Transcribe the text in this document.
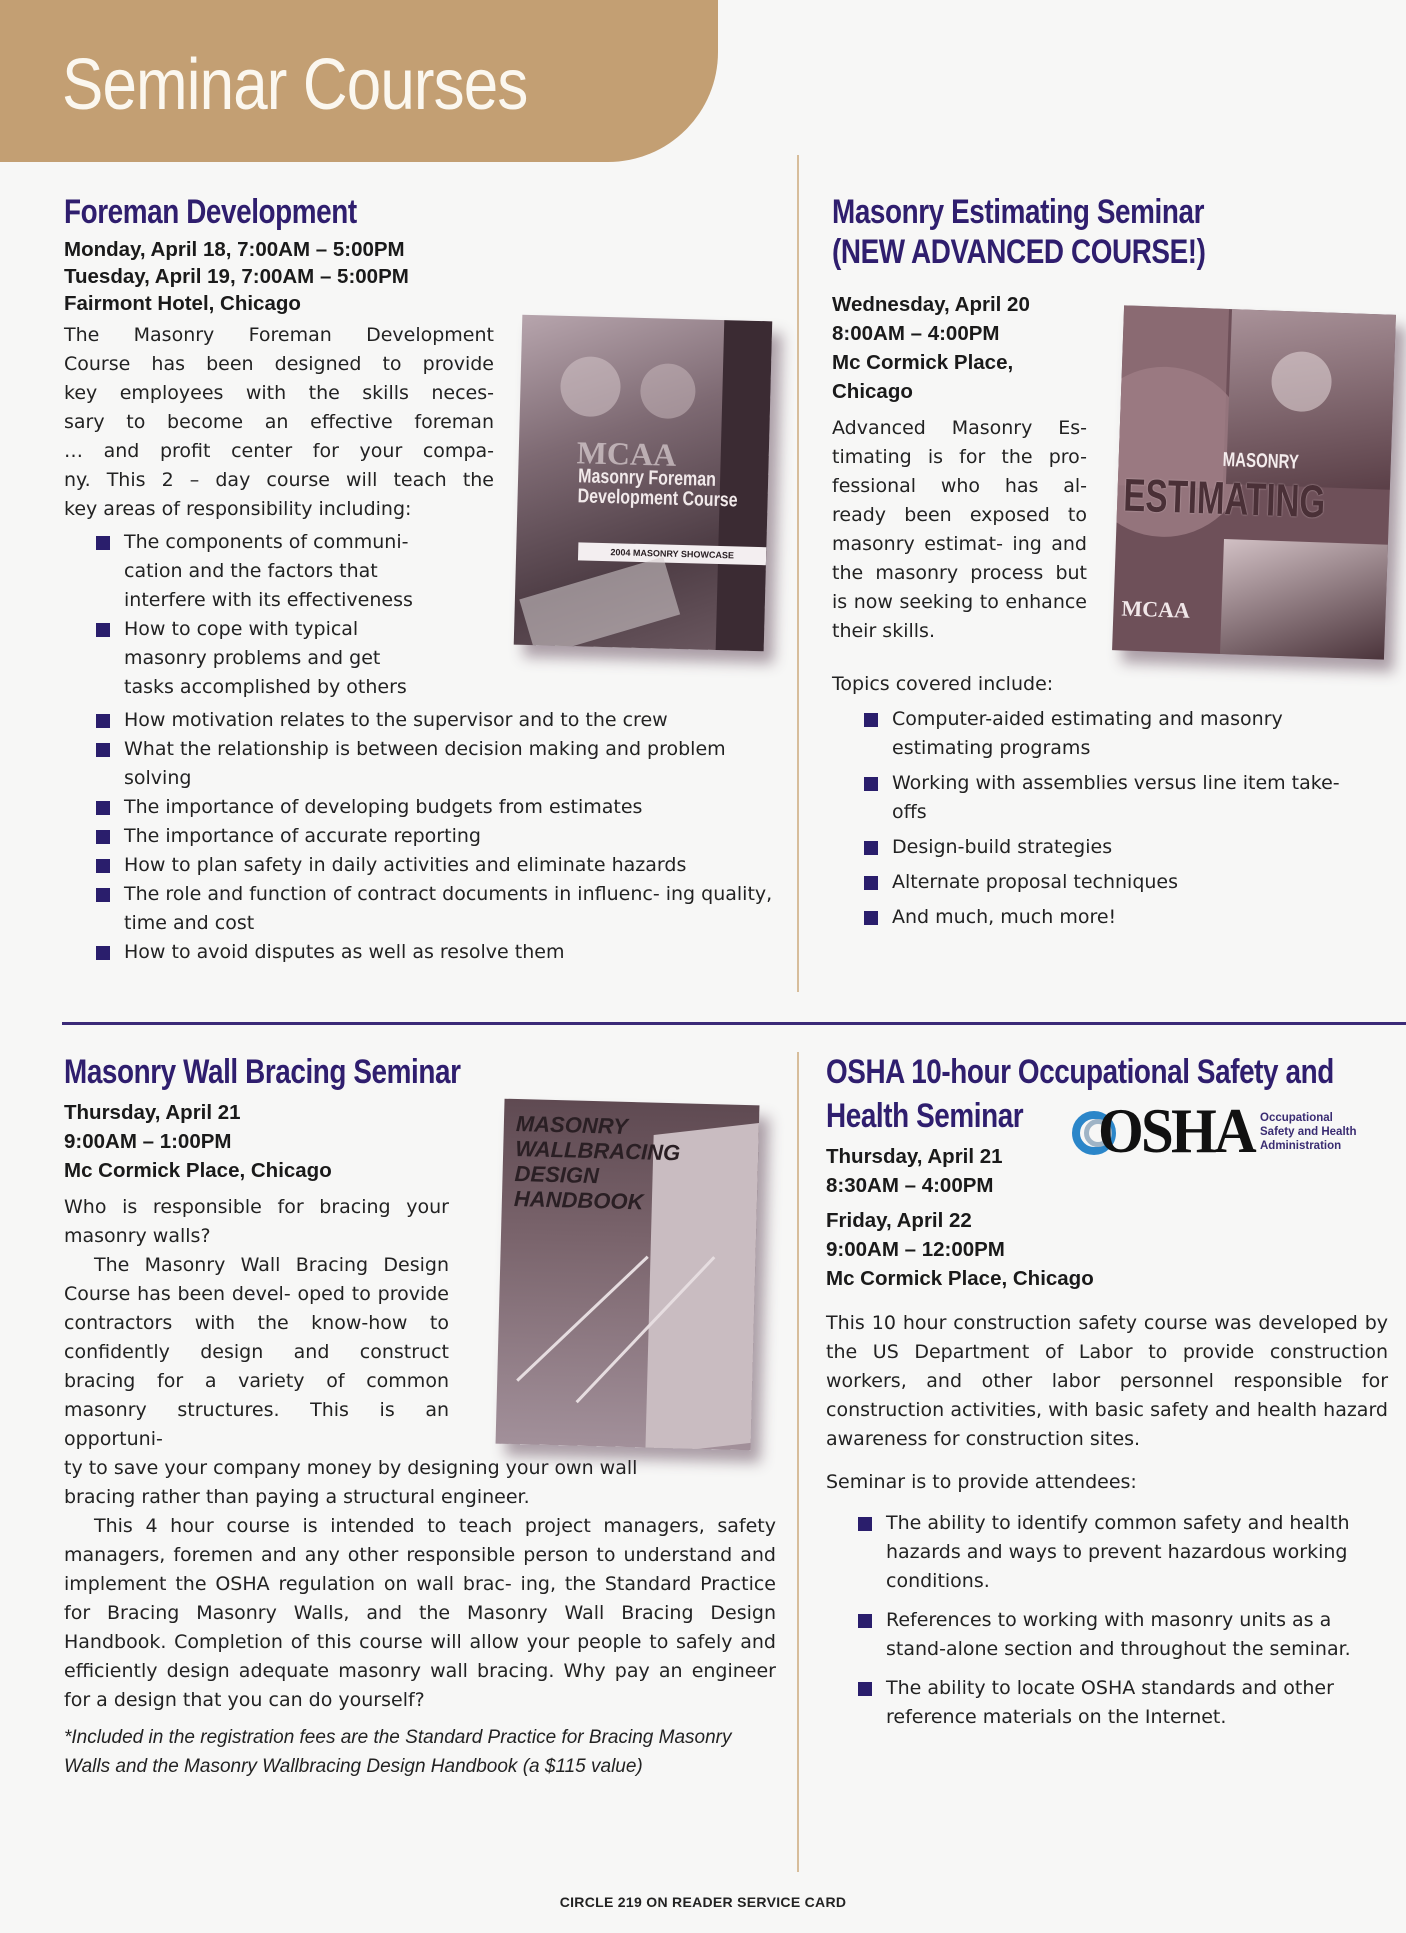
Seminar Courses
Foreman Development
Monday, April 18, 7:00AM – 5:00PM
Tuesday, April 19, 7:00AM – 5:00PM
Fairmont Hotel, Chicago
The Masonry Foreman Development
Course has been designed to provide
key employees with the skills neces-
sary to become an effective foreman
… and profit center for your compa-
ny. This 2 – day course will teach the
key areas of responsibility including:
The components of communi- cation and the factors that interfere with its effectiveness
How to cope with typical masonry problems and get tasks accomplished by others
How motivation relates to the supervisor and to the crew
What the relationship is between decision making and problem solving
The importance of developing budgets from estimates
The importance of accurate reporting
How to plan safety in daily activities and eliminate hazards
The role and function of contract documents in influenc- ing quality, time and cost
How to avoid disputes as well as resolve them
MCAA
Masonry Foreman
Development Course
2004 MASONRY SHOWCASE
Masonry Estimating Seminar
(NEW ADVANCED COURSE!)
Wednesday, April 20
8:00AM – 4:00PM
Mc Cormick Place,
Chicago

Advanced Masonry Es- timating is for the pro- fessional who has al- ready been exposed to masonry estimat- ing and the masonry process but is now seeking to enhance their skills.

Topics covered include:

Computer-aided estimating and masonry estimating programs
Working with assemblies versus line item take-offs
Design-build strategies
Alternate proposal techniques
And much, much more!
MASONRY
ESTIMATING
MCAA
Masonry Wall Bracing Seminar
Thursday, April 21
9:00AM – 1:00PM
Mc Cormick Place, Chicago

Who is responsible for bracing your masonry walls?

The Masonry Wall Bracing Design Course has been devel- oped to provide contractors with the know-how to confidently design and construct bracing for a variety of common masonry structures. This is an opportuni-

ty to save your company money by designing your own wall bracing rather than paying a structural engineer.

This 4 hour course is intended to teach project managers, safety managers, foremen and any other responsible person to understand and implement the OSHA regulation on wall brac- ing, the Standard Practice for Bracing Masonry Walls, and the Masonry Wall Bracing Design Handbook. Completion of this course will allow your people to safely and efficiently design adequate masonry wall bracing. Why pay an engineer for a design that you can do yourself?

*Included in the registration fees are the Standard Practice for Bracing Masonry Walls and the Masonry Wallbracing Design Handbook (a $115 value)

MASONRY
WALLBRACING
DESIGN
HANDBOOK
OSHA 10-hour Occupational Safety and
Health Seminar
Thursday, April 21
8:30AM – 4:00PM
Friday, April 22
9:00AM – 12:00PM
Mc Cormick Place, Chicago

This 10 hour construction safety course was developed by the US Department of Labor to provide construction workers, and other labor personnel responsible for construction activities, with basic safety and health hazard awareness for construction sites.

Seminar is to provide attendees:

The ability to identify common safety and health hazards and ways to prevent hazardous working conditions.
References to working with masonry units as a stand-alone section and throughout the seminar.
The ability to locate OSHA standards and other reference materials on the Internet.
OSHA Occupational
Safety and Health
Administration
CIRCLE 219 ON READER SERVICE CARD
